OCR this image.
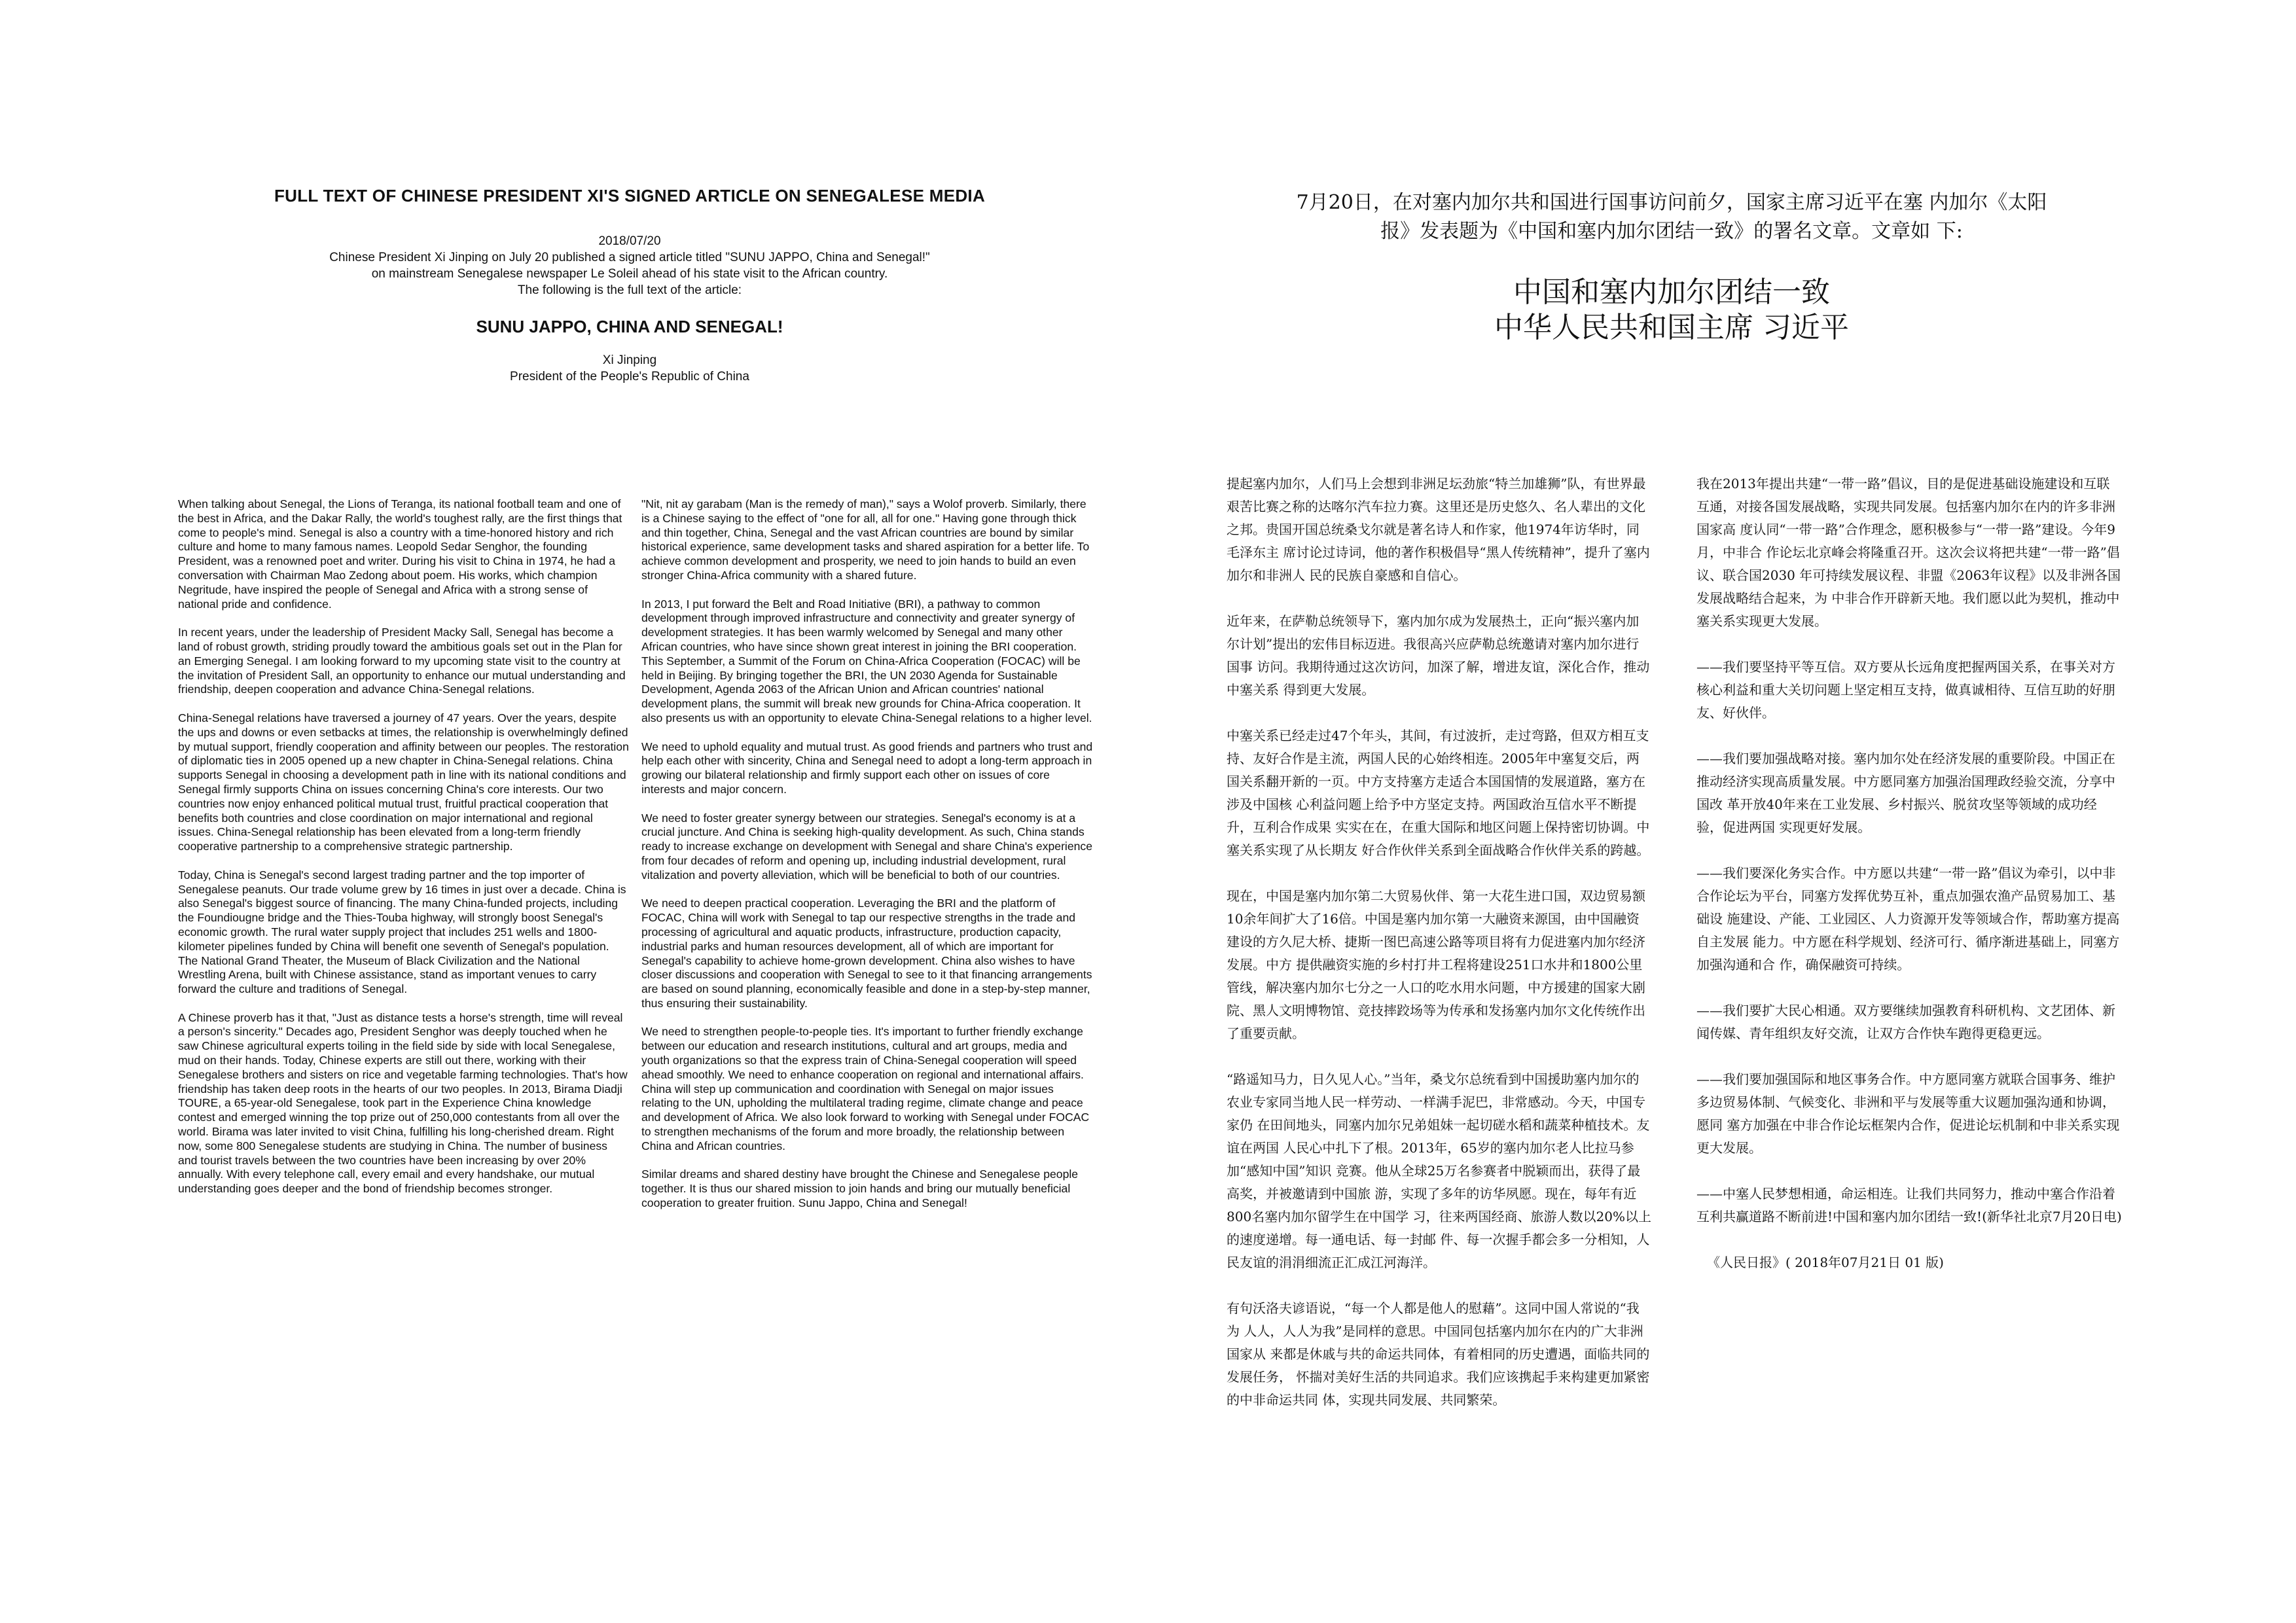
FULL TEXT OF CHINESE PRESIDENT XI'S SIGNED ARTICLE ON SENEGALESE MEDIA
2018/07/20
Chinese President Xi Jinping on July 20 published a signed article titled "SUNU JAPPO, China and Senegal!"
on mainstream Senegalese newspaper Le Soleil ahead of his state visit to the African country.
The following is the full text of the article:
SUNU JAPPO, CHINA AND SENEGAL!
Xi Jinping
President of the People's Republic of China

When talking about Senegal, the Lions of Teranga, its national football team and one of the best in Africa, and the Dakar Rally, the world's toughest rally, are the first things that come to people's mind. Senegal is also a country with a time-honored history and rich culture and home to many famous names. Leopold Sedar Senghor, the founding President, was a renowned poet and writer. During his visit to China in 1974, he had a conversation with Chairman Mao Zedong about poem. His works, which champion Negritude, have inspired the people of Senegal and Africa with a strong sense of national pride and confidence.

In recent years, under the leadership of President Macky Sall, Senegal has become a land of robust growth, striding proudly toward the ambitious goals set out in the Plan for an Emerging Senegal. I am looking forward to my upcoming state visit to the country at the invitation of President Sall, an opportunity to enhance our mutual understanding and friendship, deepen cooperation and advance China-Senegal relations.

China-Senegal relations have traversed a journey of 47 years. Over the years, despite the ups and downs or even setbacks at times, the relationship is overwhelmingly defined by mutual support, friendly cooperation and affinity between our peoples. The restoration of diplomatic ties in 2005 opened up a new chapter in China-Senegal relations. China supports Senegal in choosing a development path in line with its national conditions and Senegal firmly supports China on issues concerning China's core interests. Our two countries now enjoy enhanced political mutual trust, fruitful practical cooperation that benefits both countries and close coordination on major international and regional issues. China-Senegal relationship has been elevated from a long-term friendly cooperative partnership to a comprehensive strategic partnership.

Today, China is Senegal's second largest trading partner and the top importer of Senegalese peanuts. Our trade volume grew by 16 times in just over a decade. China is also Senegal's biggest source of financing. The many China-funded projects, including the Foundiougne bridge and the Thies-Touba highway, will strongly boost Senegal's economic growth. The rural water supply project that includes 251 wells and 1800-kilometer pipelines funded by China will benefit one seventh of Senegal's population. The National Grand Theater, the Museum of Black Civilization and the National Wrestling Arena, built with Chinese assistance, stand as important venues to carry forward the culture and traditions of Senegal.

A Chinese proverb has it that, "Just as distance tests a horse's strength, time will reveal a person's sincerity." Decades ago, President Senghor was deeply touched when he saw Chinese agricultural experts toiling in the field side by side with local Senegalese, mud on their hands. Today, Chinese experts are still out there, working with their Senegalese brothers and sisters on rice and vegetable farming technologies. That's how friendship has taken deep roots in the hearts of our two peoples. In 2013, Birama Diadji TOURE, a 65-year-old Senegalese, took part in the Experience China knowledge contest and emerged winning the top prize out of 250,000 contestants from all over the world. Birama was later invited to visit China, fulfilling his long-cherished dream. Right now, some 800 Senegalese students are studying in China. The number of business and tourist travels between the two countries have been increasing by over 20% annually. With every telephone call, every email and every handshake, our mutual understanding goes deeper and the bond of friendship becomes stronger.

"Nit, nit ay garabam (Man is the remedy of man)," says a Wolof proverb. Similarly, there is a Chinese saying to the effect of "one for all, all for one." Having gone through thick and thin together, China, Senegal and the vast African countries are bound by similar historical experience, same development tasks and shared aspiration for a better life. To achieve common development and prosperity, we need to join hands to build an even stronger China-Africa community with a shared future.

In 2013, I put forward the Belt and Road Initiative (BRI), a pathway to common development through improved infrastructure and connectivity and greater synergy of development strategies. It has been warmly welcomed by Senegal and many other African countries, who have since shown great interest in joining the BRI cooperation. This September, a Summit of the Forum on China-Africa Cooperation (FOCAC) will be held in Beijing. By bringing together the BRI, the UN 2030 Agenda for Sustainable Development, Agenda 2063 of the African Union and African countries' national development plans, the summit will break new grounds for China-Africa cooperation. It also presents us with an opportunity to elevate China-Senegal relations to a higher level.

We need to uphold equality and mutual trust. As good friends and partners who trust and help each other with sincerity, China and Senegal need to adopt a long-term approach in growing our bilateral relationship and firmly support each other on issues of core interests and major concern.

We need to foster greater synergy between our strategies. Senegal's economy is at a crucial juncture. And China is seeking high-quality development. As such, China stands ready to increase exchange on development with Senegal and share China's experience from four decades of reform and opening up, including industrial development, rural vitalization and poverty alleviation, which will be beneficial to both of our countries.

We need to deepen practical cooperation. Leveraging the BRI and the platform of FOCAC, China will work with Senegal to tap our respective strengths in the trade and processing of agricultural and aquatic products, infrastructure, production capacity, industrial parks and human resources development, all of which are important for Senegal's capability to achieve home-grown development. China also wishes to have closer discussions and cooperation with Senegal to see to it that financing arrangements are based on sound planning, economically feasible and done in a step-by-step manner, thus ensuring their sustainability.

We need to strengthen people-to-people ties. It's important to further friendly exchange between our education and research institutions, cultural and art groups, media and youth organizations so that the express train of China-Senegal cooperation will speed ahead smoothly. We need to enhance cooperation on regional and international affairs. China will step up communication and coordination with Senegal on major issues relating to the UN, upholding the multilateral trading regime, climate change and peace and development of Africa. We also look forward to working with Senegal under FOCAC to strengthen mechanisms of the forum and more broadly, the relationship between China and African countries.

Similar dreams and shared destiny have brought the Chinese and Senegalese people together. It is thus our shared mission to join hands and bring our mutually beneficial cooperation to greater fruition. Sunu Jappo, China and Senegal!

7月20日，在对塞内加尔共和国进行国事访问前夕，国家主席习近平在塞 内加尔《太阳
报》发表题为《中国和塞内加尔团结一致》的署名文章。文章如 下:
中国和塞内加尔团结一致
中华人民共和国主席 习近平

提起塞内加尔，人们马上会想到非洲足坛劲旅“特兰加雄狮”队，有世界最艰苦比赛之称的达喀尔汽车拉力赛。这里还是历史悠久、名人辈出的文化之邦。贵国开国总统桑戈尔就是著名诗人和作家，他1974年访华时，同毛泽东主 席讨论过诗词，他的著作积极倡导“黑人传统精神”，提升了塞内加尔和非洲人 民的民族自豪感和自信心。

近年来，在萨勒总统领导下，塞内加尔成为发展热土，正向“振兴塞内加 尔计划”提出的宏伟目标迈进。我很高兴应萨勒总统邀请对塞内加尔进行国事 访问。我期待通过这次访问，加深了解，增进友谊，深化合作，推动中塞关系 得到更大发展。

中塞关系已经走过47个年头，其间，有过波折，走过弯路，但双方相互支 持、友好合作是主流，两国人民的心始终相连。2005年中塞复交后，两国关系翻开新的一页。中方支持塞方走适合本国国情的发展道路，塞方在涉及中国核 心利益问题上给予中方坚定支持。两国政治互信水平不断提升，互利合作成果 实实在在，在重大国际和地区问题上保持密切协调。中塞关系实现了从长期友 好合作伙伴关系到全面战略合作伙伴关系的跨越。

现在，中国是塞内加尔第二大贸易伙伴、第一大花生进口国，双边贸易额 10余年间扩大了16倍。中国是塞内加尔第一大融资来源国，由中国融资建设的方久尼大桥、捷斯一图巴高速公路等项目将有力促进塞内加尔经济发展。中方 提供融资实施的乡村打井工程将建设251口水井和1800公里管线，解决塞内加尔七分之一人口的吃水用水问题，中方援建的国家大剧院、黑人文明博物馆、竞技摔跤场等为传承和发扬塞内加尔文化传统作出了重要贡献。

“路遥知马力，日久见人心。”当年，桑戈尔总统看到中国援助塞内加尔的 农业专家同当地人民一样劳动、一样满手泥巴，非常感动。今天，中国专家仍 在田间地头，同塞内加尔兄弟姐妹一起切磋水稻和蔬菜种植技术。友谊在两国 人民心中扎下了根。2013年，65岁的塞内加尔老人比拉马参加“感知中国”知识 竞赛。他从全球25万名参赛者中脱颖而出，获得了最高奖，并被邀请到中国旅 游，实现了多年的访华夙愿。现在，每年有近800名塞内加尔留学生在中国学 习，往来两国经商、旅游人数以20%以上的速度递增。每一通电话、每一封邮 件、每一次握手都会多一分相知，人民友谊的涓涓细流正汇成江河海洋。

有句沃洛夫谚语说，“每一个人都是他人的慰藉”。这同中国人常说的“我为 人人，人人为我”是同样的意思。中国同包括塞内加尔在内的广大非洲国家从 来都是休戚与共的命运共同体，有着相同的历史遭遇，面临共同的发展任务， 怀揣对美好生活的共同追求。我们应该携起手来构建更加紧密的中非命运共同 体，实现共同发展、共同繁荣。

我在2013年提出共建“一带一路”倡议，目的是促进基础设施建设和互联互通，对接各国发展战略，实现共同发展。包括塞内加尔在内的许多非洲国家高 度认同“一带一路”合作理念，愿积极参与“一带一路”建设。今年9月，中非合 作论坛北京峰会将隆重召开。这次会议将把共建“一带一路”倡议、联合国2030 年可持续发展议程、非盟《2063年议程》以及非洲各国发展战略结合起来，为 中非合作开辟新天地。我们愿以此为契机，推动中塞关系实现更大发展。

——我们要坚持平等互信。双方要从长远角度把握两国关系，在事关对方核心利益和重大关切问题上坚定相互支持，做真诚相待、互信互助的好朋友、好伙伴。

——我们要加强战略对接。塞内加尔处在经济发展的重要阶段。中国正在 推动经济实现高质量发展。中方愿同塞方加强治国理政经验交流，分享中国改 革开放40年来在工业发展、乡村振兴、脱贫攻坚等领域的成功经验，促进两国 实现更好发展。

——我们要深化务实合作。中方愿以共建“一带一路”倡议为牵引，以中非合作论坛为平台，同塞方发挥优势互补，重点加强农渔产品贸易加工、基础设 施建设、产能、工业园区、人力资源开发等领域合作，帮助塞方提高自主发展 能力。中方愿在科学规划、经济可行、循序渐进基础上，同塞方加强沟通和合 作，确保融资可持续。

——我们要扩大民心相通。双方要继续加强教育科研机构、文艺团体、新闻传媒、青年组织友好交流，让双方合作快车跑得更稳更远。

——我们要加强国际和地区事务合作。中方愿同塞方就联合国事务、维护多边贸易体制、气候变化、非洲和平与发展等重大议题加强沟通和协调，愿同 塞方加强在中非合作论坛框架内合作，促进论坛机制和中非关系实现更大发展。

——中塞人民梦想相通，命运相连。让我们共同努力，推动中塞合作沿着互利共赢道路不断前进!中国和塞内加尔团结一致!(新华社北京7月20日电)

《人民日报》( 2018年07月21日 01 版)
